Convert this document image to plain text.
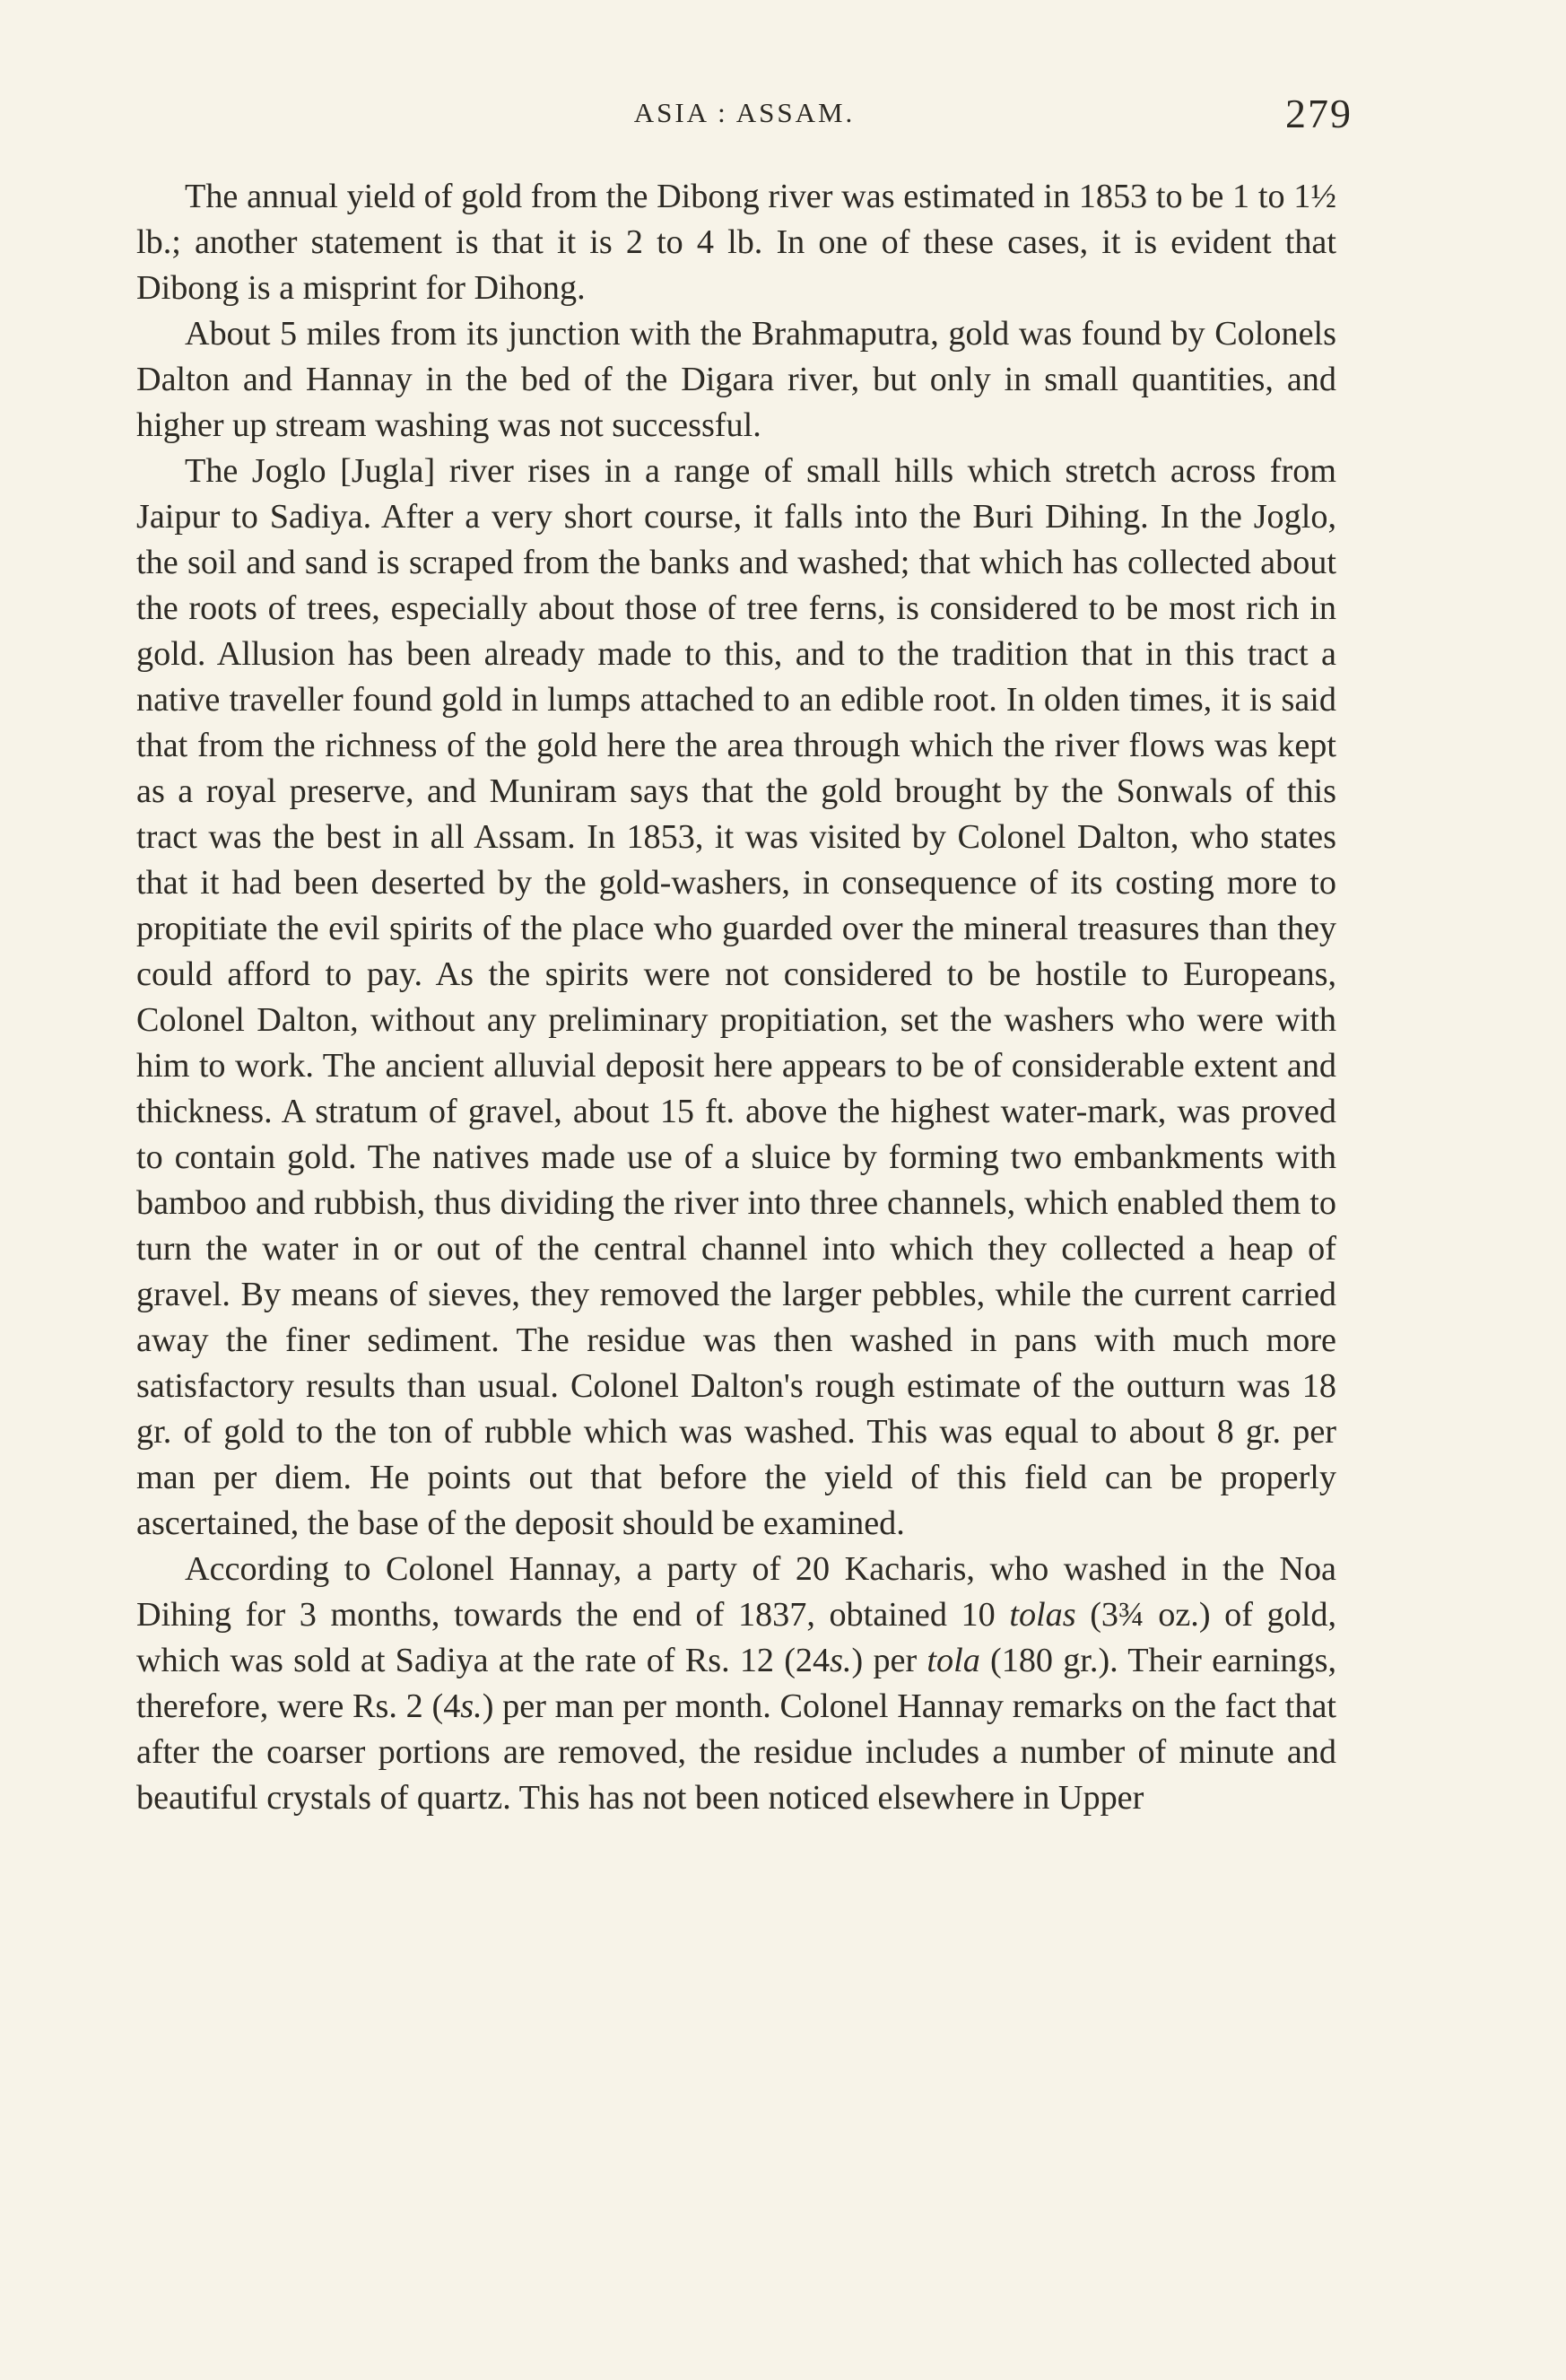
ASIA : ASSAM.	279

The annual yield of gold from the Dibong river was estimated in 1853 to be 1 to 1½ lb.; another statement is that it is 2 to 4 lb. In one of these cases, it is evident that Dibong is a misprint for Dihong.

About 5 miles from its junction with the Brahmaputra, gold was found by Colonels Dalton and Hannay in the bed of the Digara river, but only in small quantities, and higher up stream washing was not successful.

The Joglo [Jugla] river rises in a range of small hills which stretch across from Jaipur to Sadiya. After a very short course, it falls into the Buri Dihing. In the Joglo, the soil and sand is scraped from the banks and washed; that which has collected about the roots of trees, especially about those of tree ferns, is considered to be most rich in gold. Allusion has been already made to this, and to the tradition that in this tract a native traveller found gold in lumps attached to an edible root. In olden times, it is said that from the richness of the gold here the area through which the river flows was kept as a royal preserve, and Muniram says that the gold brought by the Sonwals of this tract was the best in all Assam. In 1853, it was visited by Colonel Dalton, who states that it had been deserted by the gold-washers, in consequence of its costing more to propitiate the evil spirits of the place who guarded over the mineral treasures than they could afford to pay. As the spirits were not considered to be hostile to Europeans, Colonel Dalton, without any preliminary propitiation, set the washers who were with him to work. The ancient alluvial deposit here appears to be of considerable extent and thickness. A stratum of gravel, about 15 ft. above the highest water-mark, was proved to contain gold. The natives made use of a sluice by forming two embankments with bamboo and rubbish, thus dividing the river into three channels, which enabled them to turn the water in or out of the central channel into which they collected a heap of gravel. By means of sieves, they removed the larger pebbles, while the current carried away the finer sediment. The residue was then washed in pans with much more satisfactory results than usual. Colonel Dalton's rough estimate of the outturn was 18 gr. of gold to the ton of rubble which was washed. This was equal to about 8 gr. per man per diem. He points out that before the yield of this field can be properly ascertained, the base of the deposit should be examined.

According to Colonel Hannay, a party of 20 Kacharis, who washed in the Noa Dihing for 3 months, towards the end of 1837, obtained 10 tolas (3¾ oz.) of gold, which was sold at Sadiya at the rate of Rs. 12 (24s.) per tola (180 gr.). Their earnings, therefore, were Rs. 2 (4s.) per man per month. Colonel Hannay remarks on the fact that after the coarser portions are removed, the residue includes a number of minute and beautiful crystals of quartz. This has not been noticed elsewhere in Upper
